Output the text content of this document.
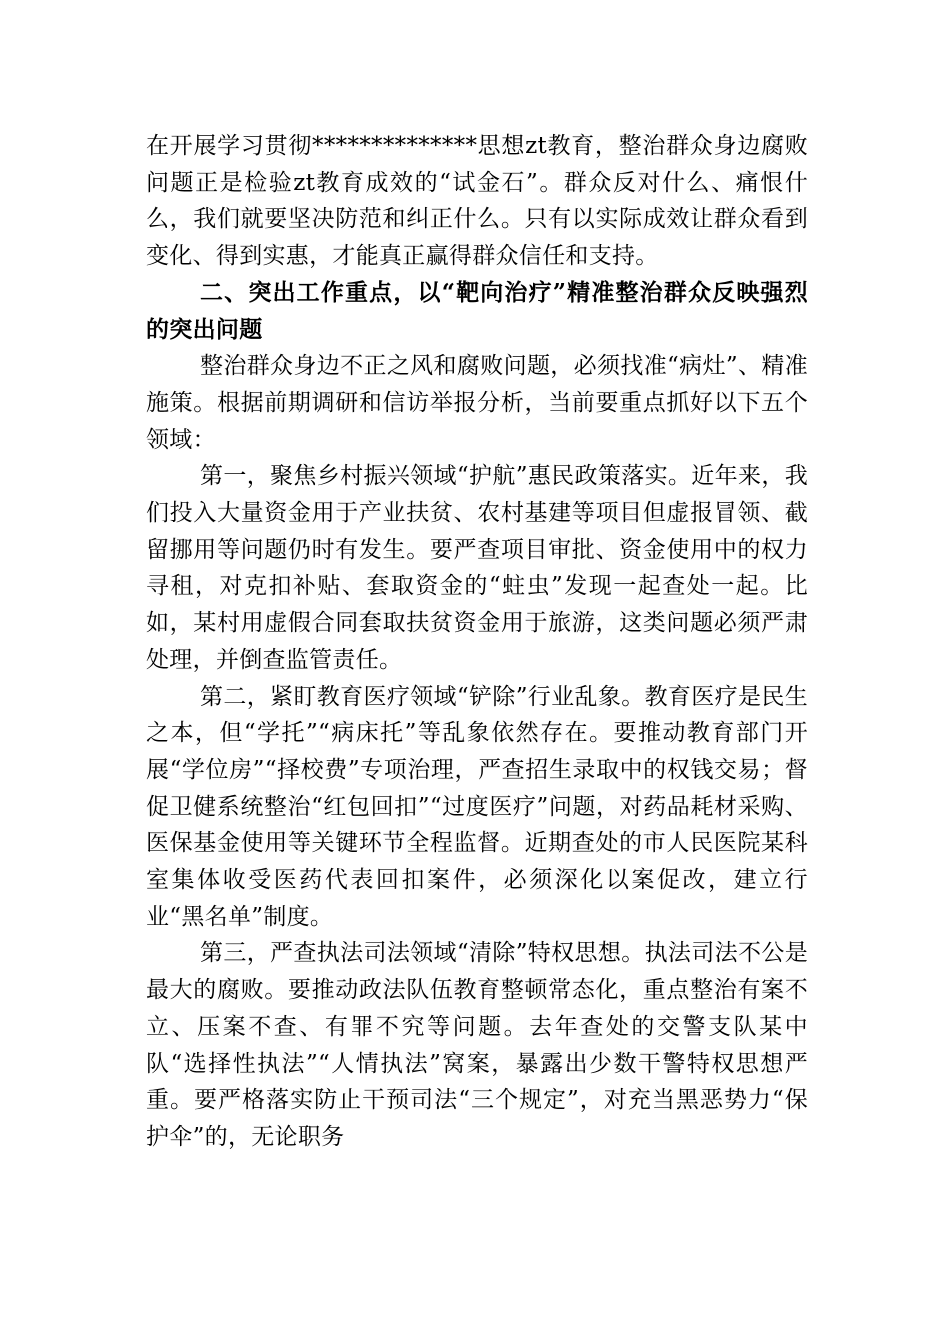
在开展学习贯彻**************思想zt教育，整治群众身边腐败问题正是检验zt教育成效的“试金石”。群众反对什么、痛恨什么，我们就要坚决防范和纠正什么。只有以实际成效让群众看到变化、得到实惠，才能真正赢得群众信任和支持。

二、突出工作重点，以“靶向治疗”精准整治群众反映强烈的突出问题

整治群众身边不正之风和腐败问题，必须找准“病灶”、精准施策。根据前期调研和信访举报分析，当前要重点抓好以下五个领域：

第一，聚焦乡村振兴领域“护航”惠民政策落实。近年来，我们投入大量资金用于产业扶贫、农村基建等项目但虚报冒领、截留挪用等问题仍时有发生。要严查项目审批、资金使用中的权力寻租，对克扣补贴、套取资金的“蛀虫”发现一起查处一起。比如，某村用虚假合同套取扶贫资金用于旅游，这类问题必须严肃处理，并倒查监管责任。

第二，紧盯教育医疗领域“铲除”行业乱象。教育医疗是民生之本，但“学托”“病床托”等乱象依然存在。要推动教育部门开展“学位房”“择校费”专项治理，严查招生录取中的权钱交易；督促卫健系统整治“红包回扣”“过度医疗”问题，对药品耗材采购、医保基金使用等关键环节全程监督。近期查处的市人民医院某科室集体收受医药代表回扣案件，必须深化以案促改，建立行业“黑名单”制度。

第三，严查执法司法领域“清除”特权思想。执法司法不公是最大的腐败。要推动政法队伍教育整顿常态化，重点整治有案不立、压案不查、有罪不究等问题。去年查处的交警支队某中队“选择性执法”“人情执法”窝案，暴露出少数干警特权思想严重。要严格落实防止干预司法“三个规定”，对充当黑恶势力“保护伞”的，无论职务
